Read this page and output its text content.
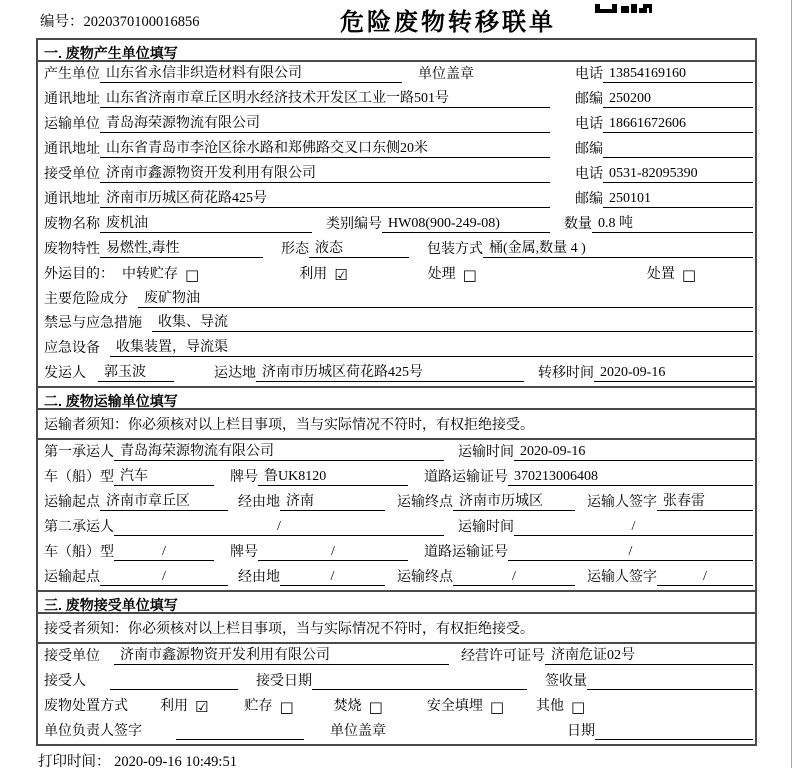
编号：2020370100016856	危险废物转移联单
一. 废物产生单位填写
产生单位 山东省永信非织造材料有限公司	单位盖章	电话 13854169160
通讯地址 山东省济南市章丘区明水经济技术开发区工业一路501号	邮编 250200
运输单位 青岛海荣源物流有限公司	电话 18661672606
通讯地址 山东省青岛市李沧区徐水路和郑佛路交叉口东侧20米	邮编
接受单位 济南市鑫源物资开发利用有限公司	电话 0531-82095390
通讯地址 济南市历城区荷花路425号	邮编 250101
废物名称 废机油	类别编号 HW08(900-249-08)	数量 0.8 吨
废物特性 易燃性,毒性	形态 液态	包装方式 桶(金属,数量 4 )
外运目的： 中转贮存 □	利用 ☑	处理 □	处置 □
主要危险成分	废矿物油
禁忌与应急措施	收集、导流
应急设备	收集装置，导流渠
发运人	郭玉波	运达地 济南市历城区荷花路425号	转移时间 2020-09-16
二. 废物运输单位填写
运输者须知： 你必须核对以上栏目事项，当与实际情况不符时，有权拒绝接受。
第一承运人 青岛海荣源物流有限公司	运输时间 2020-09-16
车（船）型 汽车	牌号 鲁UK8120	道路运输证号 370213006408
运输起点 济南市章丘区	经由地 济南	运输终点 济南市历城区	运输人签字 张春雷
第二承运人	/	运输时间	/
车（船）型	/	牌号	/	道路运输证号	/
运输起点	/	经由地	/	运输终点	/	运输人签字	/
三. 废物接受单位填写
接受者须知： 你必须核对以上栏目事项，当与实际情况不符时，有权拒绝接受。
接受单位	济南市鑫源物资开发利用有限公司	经营许可证号 济南危证02号
接受人	接受日期	签收量
废物处置方式 利用 ☑	贮存 □	焚烧 □	安全填埋 □ 其他 □
单位负责人签字	单位盖章	日期
打印时间： 2020-09-16 10:49:51
